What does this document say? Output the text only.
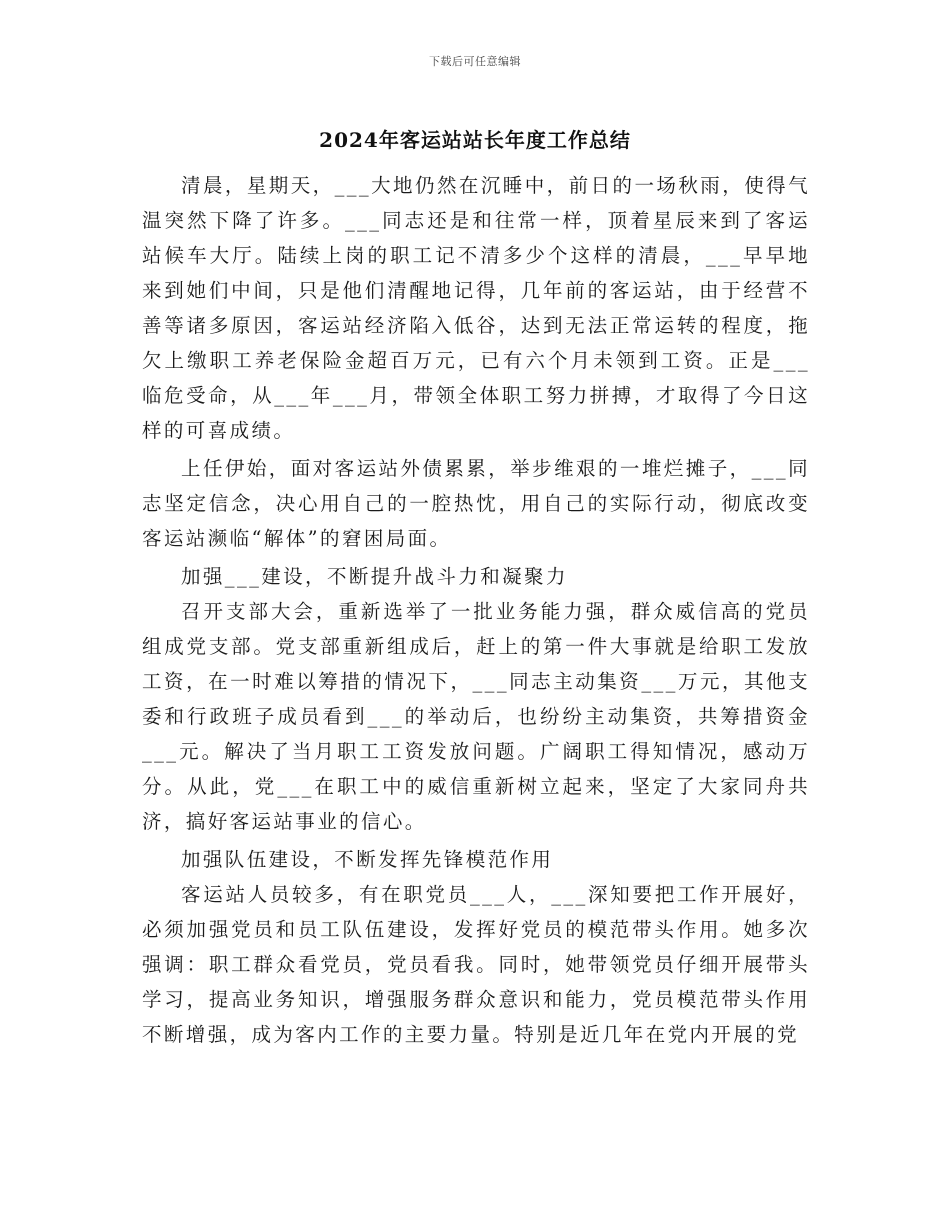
下载后可任意编辑
2024年客运站站长年度工作总结

清晨，星期天，___大地仍然在沉睡中，前日的一场秋雨，使得气温突然下降了许多。___同志还是和往常一样，顶着星辰来到了客运站候车大厅。陆续上岗的职工记不清多少个这样的清晨，___早早地来到她们中间，只是他们清醒地记得，几年前的客运站，由于经营不善等诸多原因，客运站经济陷入低谷，达到无法正常运转的程度，拖欠上缴职工养老保险金超百万元，已有六个月未领到工资。正是___临危受命，从___年___月，带领全体职工努力拼搏，才取得了今日这样的可喜成绩。

上任伊始，面对客运站外债累累，举步维艰的一堆烂摊子，___同志坚定信念，决心用自己的一腔热忱，用自己的实际行动，彻底改变客运站濒临“解体”的窘困局面。

加强___建设，不断提升战斗力和凝聚力

召开支部大会，重新选举了一批业务能力强，群众威信高的党员组成党支部。党支部重新组成后，赶上的第一件大事就是给职工发放工资，在一时难以筹措的情况下，___同志主动集资___万元，其他支委和行政班子成员看到___的举动后，也纷纷主动集资，共筹措资金___元。解决了当月职工工资发放问题。广阔职工得知情况，感动万分。从此，党___在职工中的威信重新树立起来，坚定了大家同舟共济，搞好客运站事业的信心。

加强队伍建设，不断发挥先锋模范作用

客运站人员较多，有在职党员___人，___深知要把工作开展好，必须加强党员和员工队伍建设，发挥好党员的模范带头作用。她多次强调：职工群众看党员，党员看我。同时，她带领党员仔细开展带头学习，提高业务知识，增强服务群众意识和能力，党员模范带头作用不断增强，成为客内工作的主要力量。特别是近几年在党内开展的党
